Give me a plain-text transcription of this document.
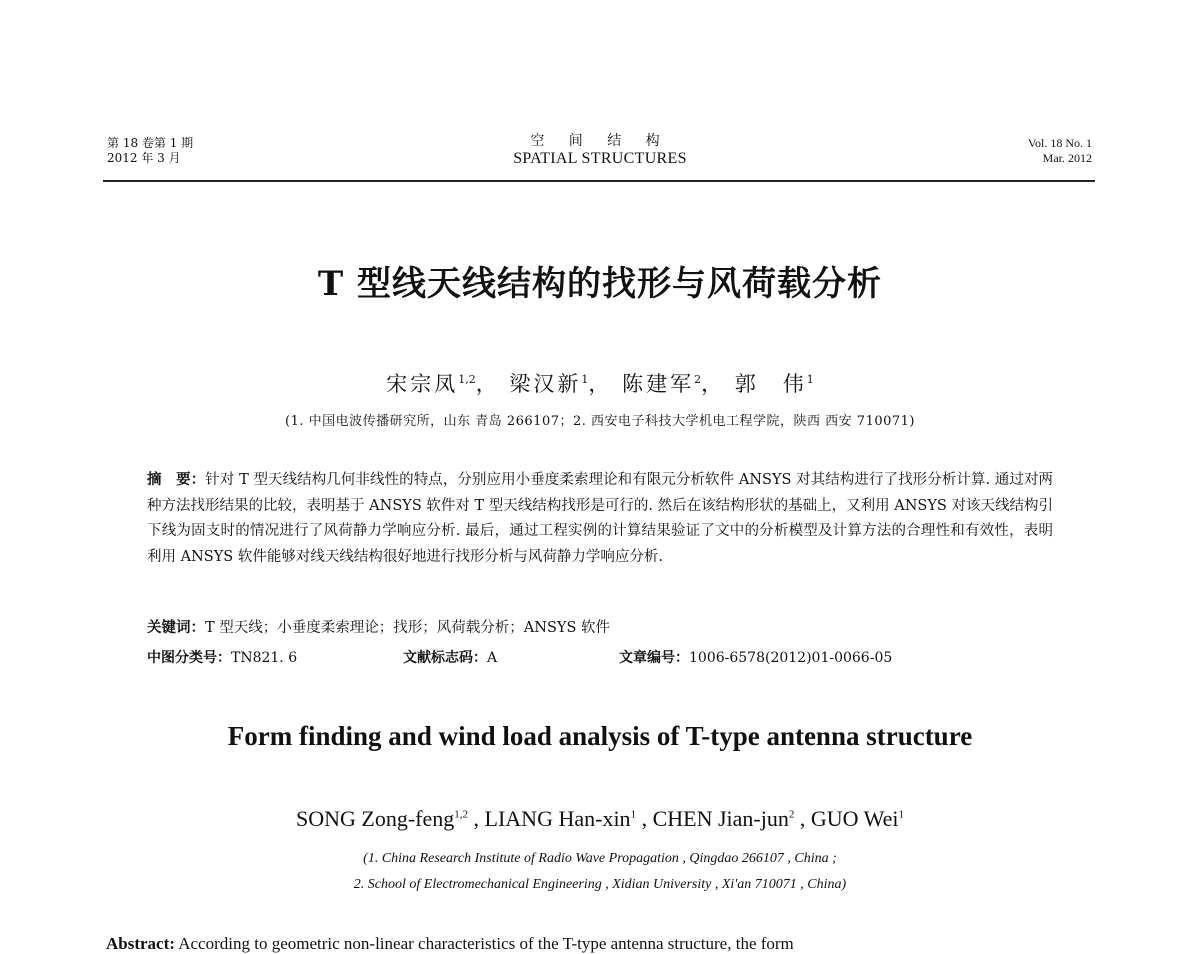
第 18 卷第 1 期
2012 年 3 月
空 间 结 构
SPATIAL STRUCTURES
Vol. 18 No. 1
Mar. 2012
T 型线天线结构的找形与风荷载分析
宋宗凤$^{1,2}$， 梁汉新$^1$， 陈建军$^2$， 郭　伟$^1$
(1. 中国电波传播研究所，山东 青岛 266107；2. 西安电子科技大学机电工程学院，陕西 西安 710071)
摘　要：针对 T 型天线结构几何非线性的特点，分别应用小垂度柔索理论和有限元分析软件 ANSYS 对其结构进行了找形分析计算. 通过对两种方法找形结果的比较，表明基于 ANSYS 软件对 T 型天线结构找形是可行的. 然后在该结构形状的基础上，又利用 ANSYS 对该天线结构引下线为固支时的情况进行了风荷静力学响应分析. 最后，通过工程实例的计算结果验证了文中的分析模型及计算方法的合理性和有效性，表明利用 ANSYS 软件能够对线天线结构很好地进行找形分析与风荷静力学响应分析.
关键词：T 型天线；小垂度柔索理论；找形；风荷载分析；ANSYS 软件
中图分类号：TN821. 6	文献标志码：A	文章编号：1006-6578(2012)01-0066-05
Form finding and wind load analysis of T-type antenna structure
SONG Zong-feng$^{1,2}$ , LIANG Han-xin$^1$ , CHEN Jian-jun$^2$ , GUO Wei$^1$
(1. China Research Institute of Radio Wave Propagation , Qingdao 266107 , China ;
2. School of Electromechanical Engineering , Xidian University , Xi'an 710071 , China)
Abstract: According to geometric non-linear characteristics of the T-type antenna structure, the form
